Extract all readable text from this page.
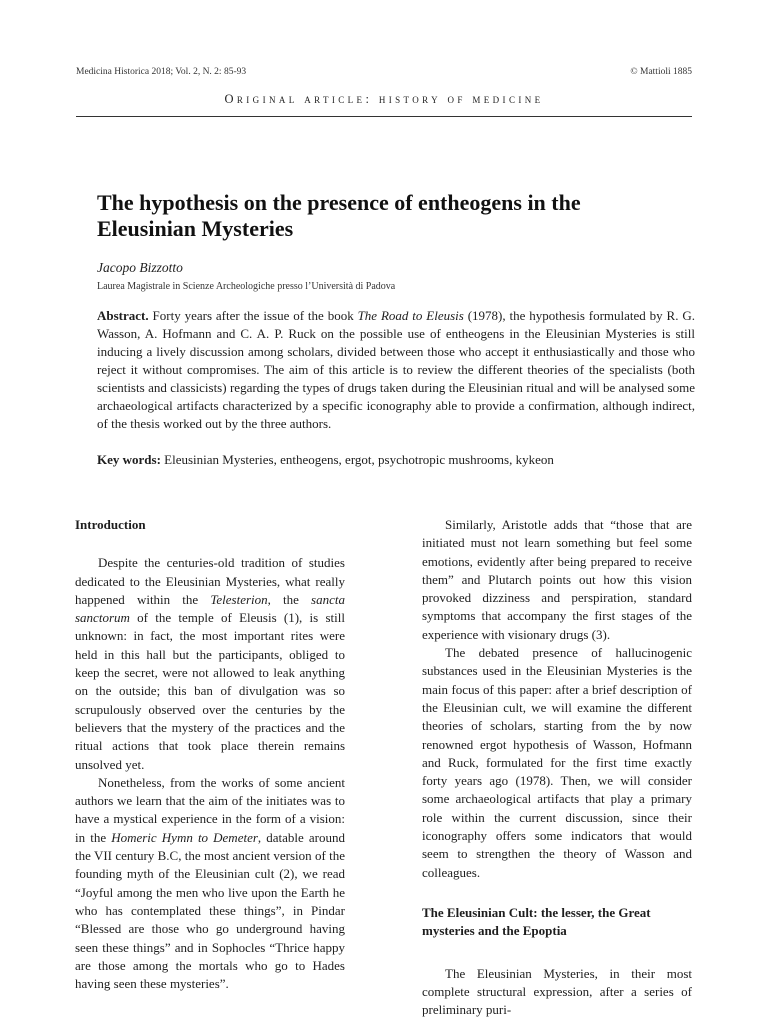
Medicina Historica 2018; Vol. 2, N. 2: 85-93	© Mattioli 1885
Original article: history of medicine
The hypothesis on the presence of entheogens in the Eleusinian Mysteries
Jacopo Bizzotto
Laurea Magistrale in Scienze Archeologiche presso l’Università di Padova

Abstract. Forty years after the issue of the book The Road to Eleusis (1978), the hypothesis formulated by R. G. Wasson, A. Hofmann and C. A. P. Ruck on the possible use of entheogens in the Eleusinian Mysteries is still inducing a lively discussion among scholars, divided between those who accept it enthusiastically and those who reject it without compromises. The aim of this article is to review the different theories of the specialists (both scientists and classicists) regarding the types of drugs taken during the Eleusinian ritual and will be analysed some archaeological artifacts characterized by a specific iconography able to provide a confirmation, although indirect, of the thesis worked out by the three authors.

Key words: Eleusinian Mysteries, entheogens, ergot, psychotropic mushrooms, kykeon

Introduction

Despite the centuries-old tradition of studies dedicated to the Eleusinian Mysteries, what really happened within the Telesterion, the sancta sanctorum of the temple of Eleusis (1), is still unknown: in fact, the most important rites were held in this hall but the participants, obliged to keep the secret, were not allowed to leak anything on the outside; this ban of divulgation was so scrupulously observed over the centuries by the believers that the mystery of the practices and the ritual actions that took place therein remains unsolved yet.

Nonetheless, from the works of some ancient authors we learn that the aim of the initiates was to have a mystical experience in the form of a vision: in the Homeric Hymn to Demeter, datable around the VII century B.C, the most ancient version of the founding myth of the Eleusinian cult (2), we read “Joyful among the men who live upon the Earth he who has contemplated these things”, in Pindar “Blessed are those who go underground having seen these things” and in Sophocles “Thrice happy are those among the mortals who go to Hades having seen these mysteries”.

Similarly, Aristotle adds that “those that are initiated must not learn something but feel some emotions, evidently after being prepared to receive them” and Plutarch points out how this vision provoked dizziness and perspiration, standard symptoms that accompany the first stages of the experience with visionary drugs (3).

The debated presence of hallucinogenic substances used in the Eleusinian Mysteries is the main focus of this paper: after a brief description of the Eleusinian cult, we will examine the different theories of scholars, starting from the by now renowned ergot hypothesis of Wasson, Hofmann and Ruck, formulated for the first time exactly forty years ago (1978). Then, we will consider some archaeological artifacts that play a primary role within the current discussion, since their iconography offers some indicators that would seem to strengthen the theory of Wasson and colleagues.

The Eleusinian Cult: the lesser, the Great mysteries and the Epoptia

The Eleusinian Mysteries, in their most complete structural expression, after a series of preliminary puri-
